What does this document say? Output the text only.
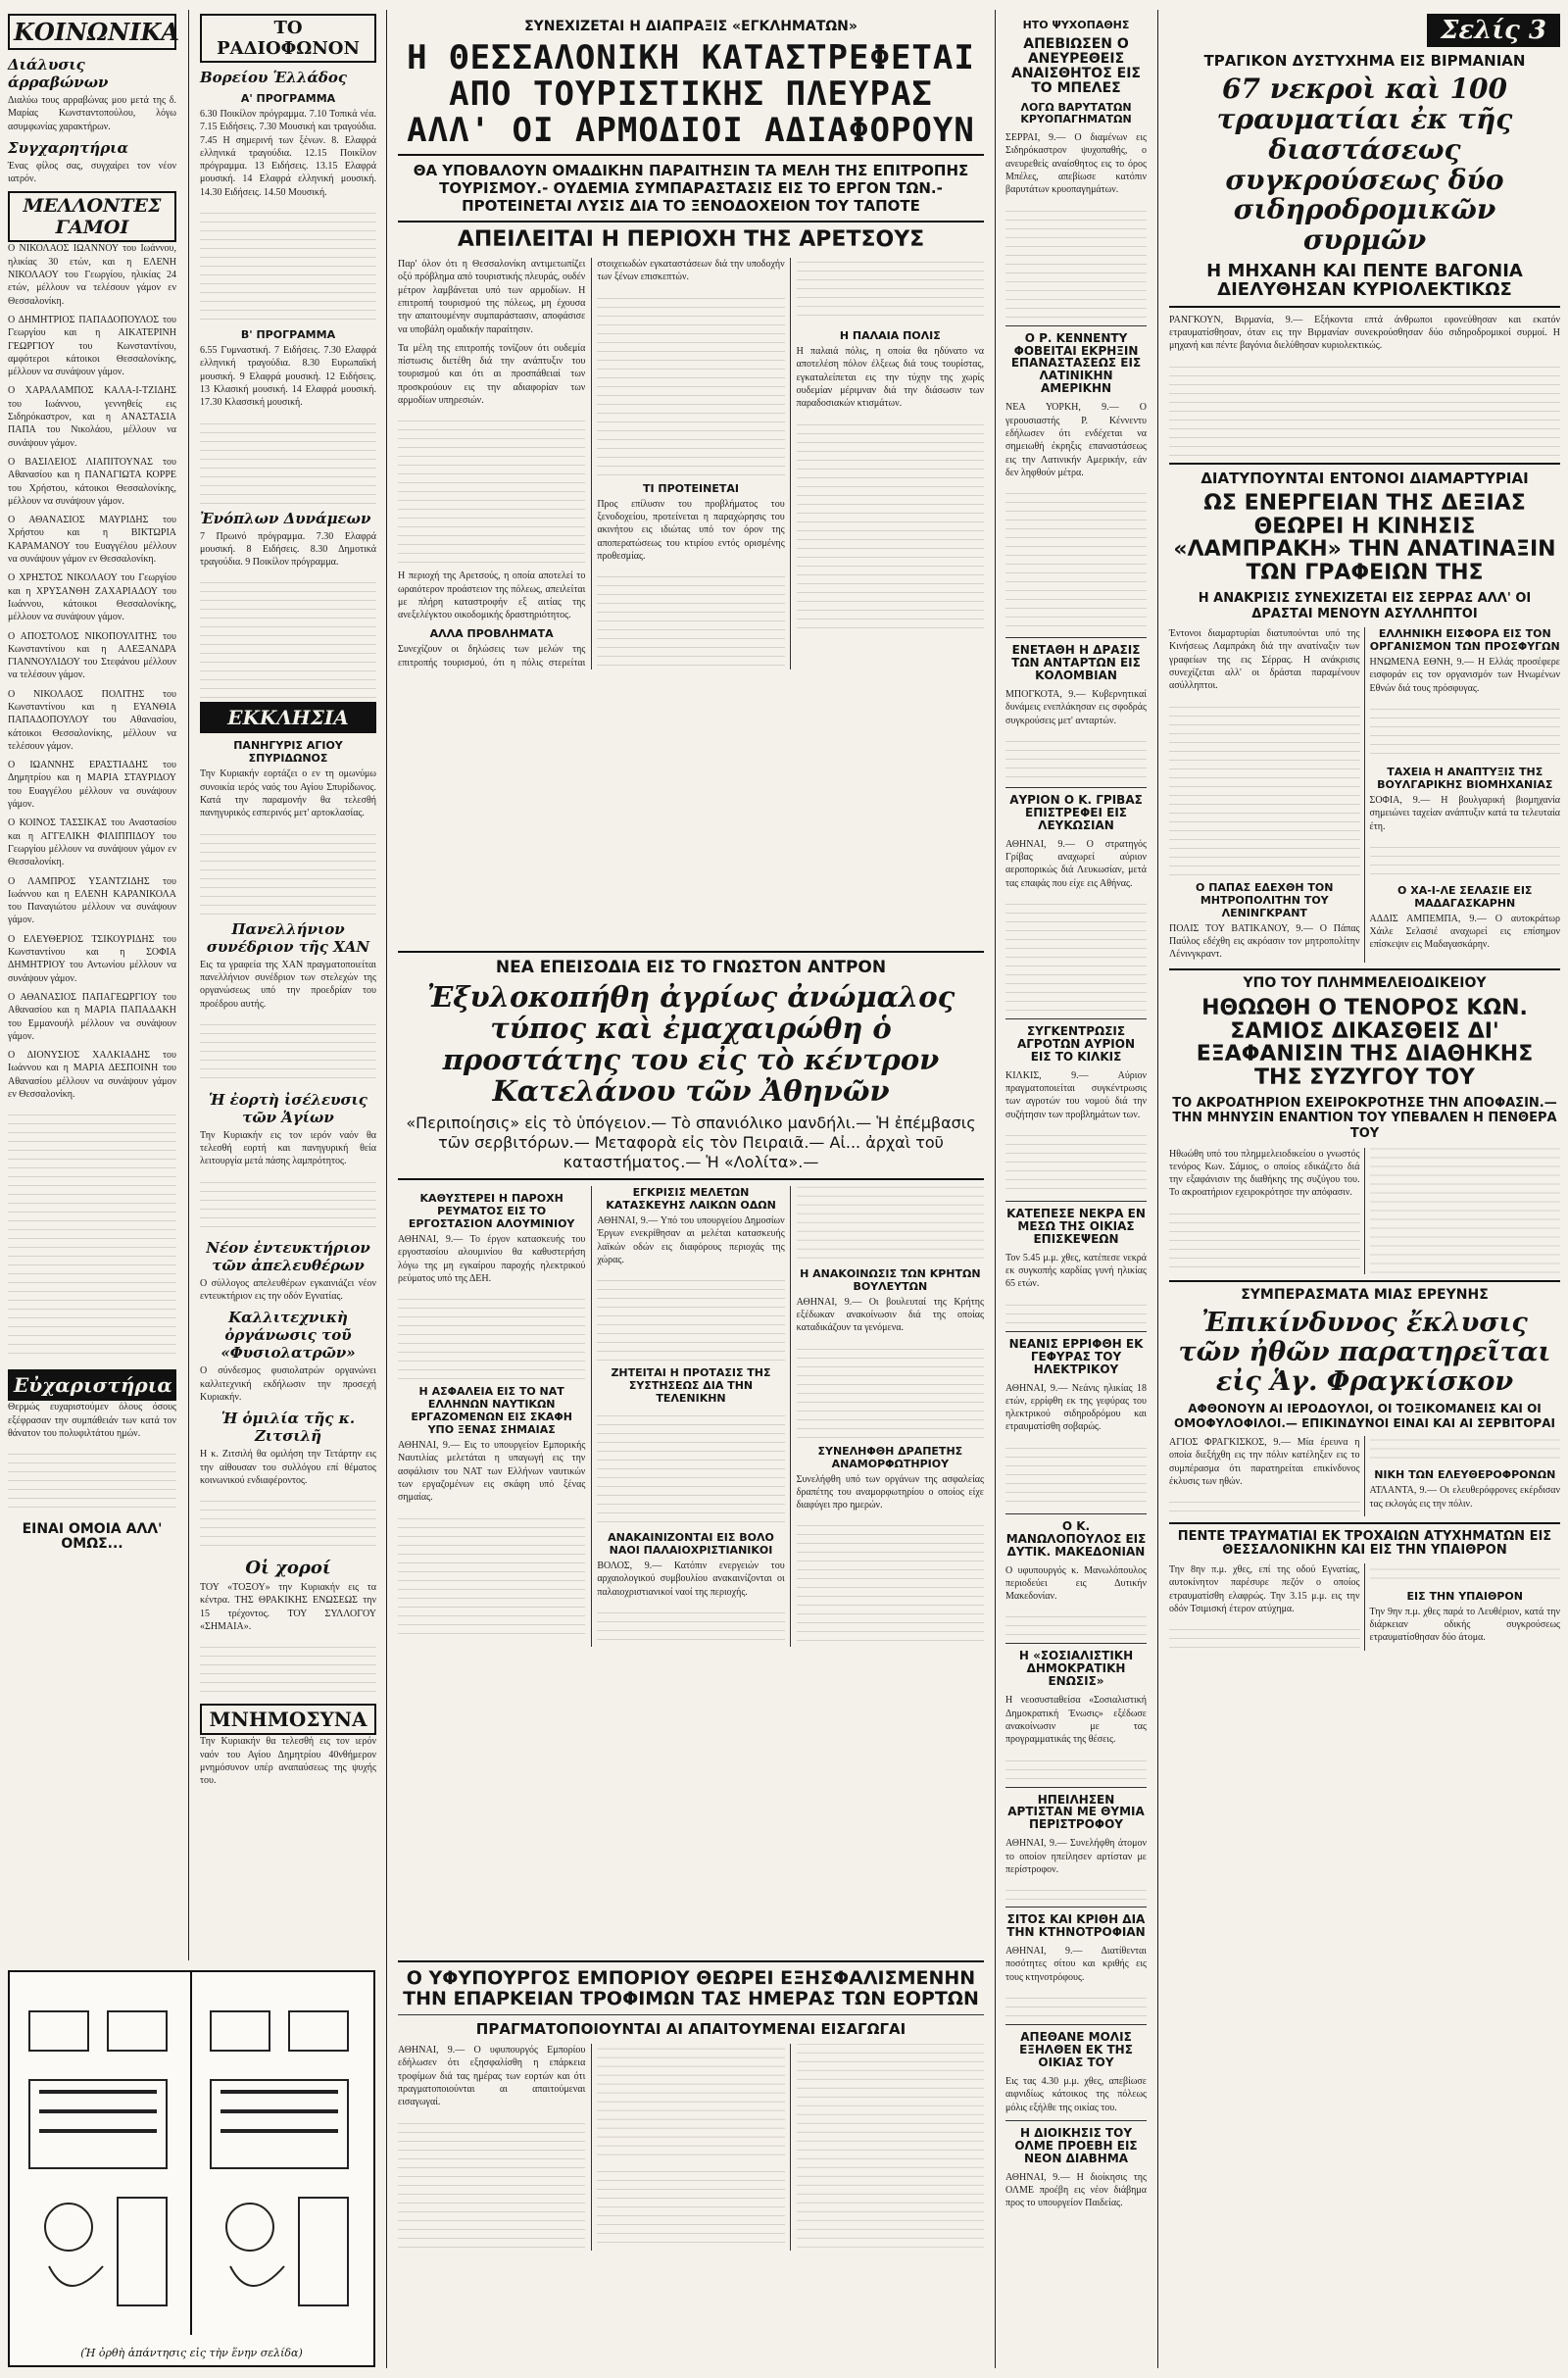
ΚΟΙΝΩΝΙΚΑ
Διάλυσις άρραβώνων

Διαλύω τους αρραβώνας μου μετά της δ. Μαρίας Κωνσταντοπούλου, λόγω ασυμφωνίας χαρακτήρων.

Συγχαρητήρια

Ένας φίλος σας, συγχαίρει τον νέον ιατρόν.

ΜΕΛΛΟΝΤΕΣ ΓΑΜΟΙ

Ο ΝΙΚΟΛΑΟΣ ΙΩΑΝΝΟΥ του Ιωάννου, ηλικίας 30 ετών, και η ΕΛΕΝΗ ΝΙΚΟΛΑΟΥ του Γεωργίου, ηλικίας 24 ετών, μέλλουν να τελέσουν γάμον εν Θεσσαλονίκη.

Ο ΔΗΜΗΤΡΙΟΣ ΠΑΠΑΔΟΠΟΥΛΟΣ του Γεωργίου και η ΑΙΚΑΤΕΡΙΝΗ ΓΕΩΡΓΙΟΥ του Κωνσταντίνου, αμφότεροι κάτοικοι Θεσσαλονίκης, μέλλουν να συνάψουν γάμον.

Ο ΧΑΡΑΛΑΜΠΟΣ ΚΑΛΑ-Ι-ΤΖΙΔΗΣ του Ιωάννου, γεννηθείς εις Σιδηρόκαστρον, και η ΑΝΑΣΤΑΣΙΑ ΠΑΠΑ του Νικολάου, μέλλουν να συνάψουν γάμον.

Ο ΒΑΣΙΛΕΙΟΣ ΛΙΑΠΙΤΟΥΝΑΣ του Αθανασίου και η ΠΑΝΑΓΙΩΤΑ ΚΟΡΡΕ του Χρήστου, κάτοικοι Θεσσαλονίκης, μέλλουν να συνάψουν γάμον.

Ο ΑΘΑΝΑΣΙΟΣ ΜΑΥΡΙΔΗΣ του Χρήστου και η ΒΙΚΤΩΡΙΑ ΚΑΡΑΜΑΝΟΥ του Ευαγγέλου μέλλουν να συνάψουν γάμον εν Θεσσαλονίκη.

Ο ΧΡΗΣΤΟΣ ΝΙΚΟΛΑΟΥ του Γεωργίου και η ΧΡΥΣΑΝΘΗ ΖΑΧΑΡΙΑΔΟΥ του Ιωάννου, κάτοικοι Θεσσαλονίκης, μέλλουν να συνάψουν γάμον.

Ο ΑΠΟΣΤΟΛΟΣ ΝΙΚΟΠΟΥΛΙΤΗΣ του Κωνσταντίνου και η ΑΛΕΞΑΝΔΡΑ ΓΙΑΝΝΟΥΛΙΔΟΥ του Στεφάνου μέλλουν να τελέσουν γάμον.

Ο ΝΙΚΟΛΑΟΣ ΠΟΛΙΤΗΣ του Κωνσταντίνου και η ΕΥΑΝΘΙΑ ΠΑΠΑΔΟΠΟΥΛΟΥ του Αθανασίου, κάτοικοι Θεσσαλονίκης, μέλλουν να τελέσουν γάμον.

Ο ΙΩΑΝΝΗΣ ΕΡΑΣΤΙΑΔΗΣ του Δημητρίου και η ΜΑΡΙΑ ΣΤΑΥΡΙΔΟΥ του Ευαγγέλου μέλλουν να συνάψουν γάμον.

Ο ΚΟΙΝΟΣ ΤΑΣΣΙΚΑΣ του Αναστασίου και η ΑΓΓΕΛΙΚΗ ΦΙΛΙΠΠΙΔΟΥ του Γεωργίου μέλλουν να συνάψουν γάμον εν Θεσσαλονίκη.

Ο ΛΑΜΠΡΟΣ ΥΣΑΝΤΖΙΔΗΣ του Ιωάννου και η ΕΛΕΝΗ ΚΑΡΑΝΙΚΟΛΑ του Παναγιώτου μέλλουν να συνάψουν γάμον.

Ο ΕΛΕΥΘΕΡΙΟΣ ΤΣΙΚΟΥΡΙΔΗΣ του Κωνσταντίνου και η ΣΟΦΙΑ ΔΗΜΗΤΡΙΟΥ του Αντωνίου μέλλουν να συνάψουν γάμον.

Ο ΑΘΑΝΑΣΙΟΣ ΠΑΠΑΓΕΩΡΓΙΟΥ του Αθανασίου και η ΜΑΡΙΑ ΠΑΠΑΔΑΚΗ του Εμμανουήλ μέλλουν να συνάψουν γάμον.

Ο ΔΙΟΝΥΣΙΟΣ ΧΑΛΚΙΑΔΗΣ του Ιωάννου και η ΜΑΡΙΑ ΔΕΣΠΟΙΝΗ του Αθανασίου μέλλουν να συνάψουν γάμον εν Θεσσαλονίκη.

Εὐχαριστήρια

Θερμώς ευχαριστούμεν όλους όσους εξέφρασαν την συμπάθειάν των κατά τον θάνατον του πολυφιλτάτου ημών.

ΕΙΝΑΙ ΟΜΟΙΑ ΑΛΛ' ΟΜΩΣ...
(Ἡ ὀρθὴ ἀπάντησις εἰς τὴν ἕνην σελίδα)
ΤΟ ΡΑΔΙΟΦΩΝΟΝ
Βορείου Ἑλλάδος
Α' ΠΡΟΓΡΑΜΜΑ

6.30 Ποικίλον πρόγραμμα. 7.10 Τοπικά νέα. 7.15 Ειδήσεις. 7.30 Μουσική και τραγούδια. 7.45 Η σημερινή των ξένων. 8. Ελαφρά ελληνικά τραγούδια. 12.15 Ποικίλον πρόγραμμα. 13 Ειδήσεις. 13.15 Ελαφρά μουσική. 14 Ελαφρά ελληνική μουσική. 14.30 Ειδήσεις. 14.50 Μουσική.

Β' ΠΡΟΓΡΑΜΜΑ

6.55 Γυμναστική. 7 Ειδήσεις. 7.30 Ελαφρά ελληνική τραγούδια. 8.30 Ευρωπαϊκή μουσική. 9 Ελαφρά μουσική. 12 Ειδήσεις. 13 Κλασική μουσική. 14 Ελαφρά μουσική. 17.30 Κλασσική μουσική.

Ἐνόπλων Δυνάμεων

7 Πρωινό πρόγραμμα. 7.30 Ελαφρά μουσική. 8 Ειδήσεις. 8.30 Δημοτικά τραγούδια. 9 Ποικίλον πρόγραμμα.

ΕΚΚΛΗΣΙΑ
ΠΑΝΗΓΥΡΙΣ ΑΓΙΟΥ ΣΠΥΡΙΔΩΝΟΣ

Την Κυριακήν εορτάζει ο εν τη ομωνύμω συνοικία ιερός ναός του Αγίου Σπυρίδωνος. Κατά την παραμονήν θα τελεσθή πανηγυρικός εσπερινός μετ' αρτοκλασίας.

Πανελλήνιον συνέδριον τῆς ΧΑΝ

Εις τα γραφεία της ΧΑΝ πραγματοποιείται πανελλήνιον συνέδριον των στελεχών της οργανώσεως υπό την προεδρίαν του προέδρου αυτής.

Ἡ ἐορτὴ ἰσέλευσις τῶν Ἁγίων

Την Κυριακήν εις τον ιερόν ναόν θα τελεσθή εορτή και πανηγυρική θεία λειτουργία μετά πάσης λαμπρότητος.

Νέον ἐντευκτήριον τῶν ἀπελευθέρων

Ο σύλλογος απελευθέρων εγκαινιάζει νέον εντευκτήριον εις την οδόν Εγνατίας.

Καλλιτεχνικὴ ὀργάνωσις τοῦ «Φυσιολατρῶν»

Ο σύνδεσμος φυσιολατρών οργανώνει καλλιτεχνική εκδήλωσιν την προσεχή Κυριακήν.

Ἡ ὁμιλία τῆς κ. Ζιτσιλῆ

Η κ. Ζιτσιλή θα ομιλήση την Τετάρτην εις την αίθουσαν του συλλόγου επί θέματος κοινωνικού ενδιαφέροντος.

Οἱ χοροί

ΤΟΥ «ΤΟΞΟΥ» την Κυριακήν εις τα κέντρα. ΤΗΣ ΘΡΑΚΙΚΗΣ ΕΝΩΣΕΩΣ την 15 τρέχοντος. ΤΟΥ ΣΥΛΛΟΓΟΥ «ΣΗΜΑΙΑ».

ΜΝΗΜΟΣΥΝΑ

Την Κυριακήν θα τελεσθή εις τον ιερόν ναόν του Αγίου Δημητρίου 40νθήμερον μνημόσυνον υπέρ αναπαύσεως της ψυχής του.

ΣΥΝΕΧΙΖΕΤΑΙ Η ΔΙΑΠΡΑΞΙΣ «ΕΓΚΛΗΜΑΤΩΝ»
Η ΘΕΣΣΑΛΟΝΙΚΗ ΚΑΤΑΣΤΡΕΦΕΤΑΙ ΑΠΟ ΤΟΥΡΙΣΤΙΚΗΣ ΠΛΕΥΡΑΣ ΑΛΛ' ΟΙ ΑΡΜΟΔΙΟΙ ΑΔΙΑΦΟΡΟΥΝ
ΘΑ ΥΠΟΒΑΛΟΥΝ ΟΜΑΔΙΚΗΝ ΠΑΡΑΙΤΗΣΙΝ ΤΑ ΜΕΛΗ ΤΗΣ ΕΠΙΤΡΟΠΗΣ ΤΟΥΡΙΣΜΟΥ.- ΟΥΔΕΜΙΑ ΣΥΜΠΑΡΑΣΤΑΣΙΣ ΕΙΣ ΤΟ ΕΡΓΟΝ ΤΩΝ.- ΠΡΟΤΕΙΝΕΤΑΙ ΛΥΣΙΣ ΔΙΑ ΤΟ ΞΕΝΟΔΟΧΕΙΟΝ ΤΟΥ ΤΑΠΟΤΕ
ΑΠΕΙΛΕΙΤΑΙ Η ΠΕΡΙΟΧΗ ΤΗΣ ΑΡΕΤΣΟΥΣ

Παρ' όλον ότι η Θεσσαλονίκη αντιμετωπίζει οξύ πρόβλημα από τουριστικής πλευράς, ουδέν μέτρον λαμβάνεται υπό των αρμοδίων. Η επιτροπή τουρισμού της πόλεως, μη έχουσα την απαιτουμένην συμπαράστασιν, αποφάσισε να υποβάλη ομαδικήν παραίτησιν.

Τα μέλη της επιτροπής τονίζουν ότι ουδεμία πίστωσις διετέθη διά την ανάπτυξιν του τουρισμού και ότι αι προσπάθειαί των προσκρούουν εις την αδιαφορίαν των αρμοδίων υπηρεσιών.

Η περιοχή της Αρετσούς, η οποία αποτελεί το ωραιότερον προάστειον της πόλεως, απειλείται με πλήρη καταστροφήν εξ αιτίας της ανεξελέγκτου οικοδομικής δραστηριότητος.

ΑΛΛΑ ΠΡΟΒΛΗΜΑΤΑ

Συνεχίζουν οι δηλώσεις των μελών της επιτροπής τουρισμού, ότι η πόλις στερείται στοιχειωδών εγκαταστάσεων διά την υποδοχήν των ξένων επισκεπτών.

ΤΙ ΠΡΟΤΕΙΝΕΤΑΙ

Προς επίλυσιν του προβλήματος του ξενοδοχείου, προτείνεται η παραχώρησις του ακινήτου εις ιδιώτας υπό τον όρον της αποπερατώσεως του κτιρίου εντός ορισμένης προθεσμίας.

Η ΠΑΛΑΙΑ ΠΟΛΙΣ

Η παλαιά πόλις, η οποία θα ηδύνατο να αποτελέση πόλον έλξεως διά τους τουρίστας, εγκαταλείπεται εις την τύχην της χωρίς ουδεμίαν μέριμναν διά την διάσωσιν των παραδοσιακών κτισμάτων.

ΝΕΑ ΕΠΕΙΣΟΔΙΑ ΕΙΣ ΤΟ ΓΝΩΣΤΟΝ ΑΝΤΡΟΝ
Ἐξυλοκοπήθη ἀγρίως ἀνώμαλος τύπος καὶ ἐμαχαιρώθη ὁ προστάτης του εἰς τὸ κέντρον Κατελάνου τῶν Ἀθηνῶν
«Περιποίησις» εἰς τὸ ὑπόγειον.— Τὸ σπανιόλικο μανδήλι.— Ἡ ἐπέμβασις τῶν σερβιτόρων.— Μεταφορὰ εἰς τὸν Πειραιᾶ.— Αἰ... ἀρχαὶ τοῦ καταστήματος.— Ἡ «Λολίτα».—
ΚΑΘΥΣΤΕΡΕΙ Η ΠΑΡΟΧΗ ΡΕΥΜΑΤΟΣ ΕΙΣ ΤΟ ΕΡΓΟΣΤΑΣΙΟΝ ΑΛΟΥΜΙΝΙΟΥ

ΑΘΗΝΑΙ, 9.— Το έργον κατασκευής του εργοστασίου αλουμινίου θα καθυστερήση λόγω της μη εγκαίρου παροχής ηλεκτρικού ρεύματος υπό της ΔΕΗ.

Η ΑΣΦΑΛΕΙΑ ΕΙΣ ΤΟ ΝΑΤ ΕΛΛΗΝΩΝ ΝΑΥΤΙΚΩΝ ΕΡΓΑΖΟΜΕΝΩΝ ΕΙΣ ΣΚΑΦΗ ΥΠΟ ΞΕΝΑΣ ΣΗΜΑΙΑΣ

ΑΘΗΝΑΙ, 9.— Εις το υπουργείον Εμπορικής Ναυτιλίας μελετάται η υπαγωγή εις την ασφάλισιν του ΝΑΤ των Ελλήνων ναυτικών των εργαζομένων εις σκάφη υπό ξένας σημαίας.

ΕΓΚΡΙΣΙΣ ΜΕΛΕΤΩΝ ΚΑΤΑΣΚΕΥΗΣ ΛΑΙΚΩΝ ΟΔΩΝ

ΑΘΗΝΑΙ, 9.— Υπό του υπουργείου Δημοσίων Έργων ενεκρίθησαν αι μελέται κατασκευής λαϊκών οδών εις διαφόρους περιοχάς της χώρας.

ΖΗΤΕΙΤΑΙ Η ΠΡΟΤΑΣΙΣ ΤΗΣ ΣΥΣΤΗΣΕΩΣ ΔΙΑ ΤΗΝ ΤΕΛΕΝΙΚΗΝ
ΑΝΑΚΑΙΝΙΖΟΝΤΑΙ ΕΙΣ ΒΟΛΟ ΝΑΟΙ ΠΑΛΑΙΟΧΡΙΣΤΙΑΝΙΚΟΙ

ΒΟΛΟΣ, 9.— Κατόπιν ενεργειών του αρχαιολογικού συμβουλίου ανακαινίζονται οι παλαιοχριστιανικοί ναοί της περιοχής.

Η ΑΝΑΚΟΙΝΩΣΙΣ ΤΩΝ ΚΡΗΤΩΝ ΒΟΥΛΕΥΤΩΝ

ΑΘΗΝΑΙ, 9.— Οι βουλευταί της Κρήτης εξέδωκαν ανακοίνωσιν διά της οποίας καταδικάζουν τα γενόμενα.

ΣΥΝΕΛΗΦΘΗ ΔΡΑΠΕΤΗΣ ΑΝΑΜΟΡΦΩΤΗΡΙΟΥ

Συνελήφθη υπό των οργάνων της ασφαλείας δραπέτης του αναμορφωτηρίου ο οποίος είχε διαφύγει προ ημερών.

Ο ΥΦΥΠΟΥΡΓΟΣ ΕΜΠΟΡΙΟΥ ΘΕΩΡΕΙ ΕΞΗΣΦΑΛΙΣΜΕΝΗΝ ΤΗΝ ΕΠΑΡΚΕΙΑΝ ΤΡΟΦΙΜΩΝ ΤΑΣ ΗΜΕΡΑΣ ΤΩΝ ΕΟΡΤΩΝ
ΠΡΑΓΜΑΤΟΠΟΙΟΥΝΤΑΙ ΑΙ ΑΠΑΙΤΟΥΜΕΝΑΙ ΕΙΣΑΓΩΓΑΙ

ΑΘΗΝΑΙ, 9.— Ο υφυπουργός Εμπορίου εδήλωσεν ότι εξησφαλίσθη η επάρκεια τροφίμων διά τας ημέρας των εορτών και ότι πραγματοποιούνται αι απαιτούμεναι εισαγωγαί.

ΗΤΟ ΨΥΧΟΠΑΘΗΣ
ΑΠΕΒΙΩΣΕΝ Ο ΑΝΕΥΡΕΘΕΙΣ ΑΝΑΙΣΘΗΤΟΣ ΕΙΣ ΤΟ ΜΠΕΛΕΣ
ΛΟΓΩ ΒΑΡΥΤΑΤΩΝ ΚΡΥΟΠΑΓΗΜΑΤΩΝ

ΣΕΡΡΑΙ, 9.— Ο διαμένων εις Σιδηρόκαστρον ψυχοπαθής, ο ανευρεθείς αναίσθητος εις το όρος Μπέλες, απεβίωσε κατόπιν βαρυτάτων κρυοπαγημάτων.

Ο Ρ. ΚΕΝΝΕΝΤΥ ΦΟΒΕΙΤΑΙ ΕΚΡΗΞΙΝ ΕΠΑΝΑΣΤΑΣΕΩΣ ΕΙΣ ΛΑΤΙΝΙΚΗΝ ΑΜΕΡΙΚΗΝ

ΝΕΑ ΥΟΡΚΗ, 9.— Ο γερουσιαστής Ρ. Κέννεντυ εδήλωσεν ότι ενδέχεται να σημειωθή έκρηξις επαναστάσεως εις την Λατινικήν Αμερικήν, εάν δεν ληφθούν μέτρα.

ΕΝΕΤΑΘΗ Η ΔΡΑΣΙΣ ΤΩΝ ΑΝΤΑΡΤΩΝ ΕΙΣ ΚΟΛΟΜΒΙΑΝ

ΜΠΟΓΚΟΤΑ, 9.— Κυβερνητικαί δυνάμεις ενεπλάκησαν εις σφοδράς συγκρούσεις μετ' ανταρτών.

ΑΥΡΙΟΝ Ο Κ. ΓΡΙΒΑΣ ΕΠΙΣΤΡΕΦΕΙ ΕΙΣ ΛΕΥΚΩΣΙΑΝ

ΑΘΗΝΑΙ, 9.— Ο στρατηγός Γρίβας αναχωρεί αύριον αεροπορικώς διά Λευκωσίαν, μετά τας επαφάς που είχε εις Αθήνας.

ΣΥΓΚΕΝΤΡΩΣΙΣ ΑΓΡΟΤΩΝ ΑΥΡΙΟΝ ΕΙΣ ΤΟ ΚΙΛΚΙΣ

ΚΙΛΚΙΣ, 9.— Αύριον πραγματοποιείται συγκέντρωσις των αγροτών του νομού διά την συζήτησιν των προβλημάτων των.

ΚΑΤΕΠΕΣΕ ΝΕΚΡΑ ΕΝ ΜΕΣΩ ΤΗΣ ΟΙΚΙΑΣ ΕΠΙΣΚΕΨΕΩΝ

Τον 5.45 μ.μ. χθες, κατέπεσε νεκρά εκ συγκοπής καρδίας γυνή ηλικίας 65 ετών.

ΝΕΑΝΙΣ ΕΡΡΙΦΘΗ ΕΚ ΓΕΦΥΡΑΣ ΤΟΥ ΗΛΕΚΤΡΙΚΟΥ

ΑΘΗΝΑΙ, 9.— Νεάνις ηλικίας 18 ετών, ερρίφθη εκ της γεφύρας του ηλεκτρικού σιδηροδρόμου και ετραυματίσθη σοβαρώς.

Ο Κ. ΜΑΝΩΛΟΠΟΥΛΟΣ ΕΙΣ ΔΥΤΙΚ. ΜΑΚΕΔΟΝΙΑΝ

Ο υφυπουργός κ. Μανωλόπουλος περιοδεύει εις Δυτικήν Μακεδονίαν.

Η «ΣΟΣΙΑΛΙΣΤΙΚΗ ΔΗΜΟΚΡΑΤΙΚΗ ΕΝΩΣΙΣ»

Η νεοσυσταθείσα «Σοσιαλιστική Δημοκρατική Ένωσις» εξέδωσε ανακοίνωσιν με τας προγραμματικάς της θέσεις.

ΗΠΕΙΛΗΣΕΝ ΑΡΤΙΣΤΑΝ ΜΕ ΘΥΜΙΑ ΠΕΡΙΣΤΡΟΦΟΥ

ΑΘΗΝΑΙ, 9.— Συνελήφθη άτομον το οποίον ηπείλησεν αρτίσταν με περίστροφον.

ΣΙΤΟΣ ΚΑΙ ΚΡΙΘΗ ΔΙΑ ΤΗΝ ΚΤΗΝΟΤΡΟΦΙΑΝ

ΑΘΗΝΑΙ, 9.— Διατίθενται ποσότητες σίτου και κριθής εις τους κτηνοτρόφους.

ΑΠΕΘΑΝΕ ΜΟΛΙΣ ΕΞΗΛΘΕΝ ΕΚ ΤΗΣ ΟΙΚΙΑΣ ΤΟΥ

Εις τας 4.30 μ.μ. χθες, απεβίωσε αιφνιδίως κάτοικος της πόλεως μόλις εξήλθε της οικίας του.

Η ΔΙΟΙΚΗΣΙΣ ΤΟΥ ΟΛΜΕ ΠΡΟΕΒΗ ΕΙΣ ΝΕΟΝ ΔΙΑΒΗΜΑ

ΑΘΗΝΑΙ, 9.— Η διοίκησις της ΟΛΜΕ προέβη εις νέον διάβημα προς το υπουργείον Παιδείας.

Σελίς 3
ΤΡΑΓΙΚΟΝ ΔΥΣΤΥΧΗΜΑ ΕΙΣ ΒΙΡΜΑΝΙΑΝ
67 νεκροὶ καὶ 100 τραυματίαι ἐκ τῆς διαστάσεως συγκρούσεως δύο σιδηροδρομικῶν συρμῶν
Η ΜΗΧΑΝΗ ΚΑΙ ΠΕΝΤΕ ΒΑΓΟΝΙΑ ΔΙΕΛΥΘΗΣΑΝ ΚΥΡΙΟΛΕΚΤΙΚΩΣ

ΡΑΝΓΚΟΥΝ, Βιρμανία, 9.— Εξήκοντα επτά άνθρωποι εφονεύθησαν και εκατόν ετραυματίσθησαν, όταν εις την Βιρμανίαν συνεκρούσθησαν δύο σιδηροδρομικοί συρμοί. Η μηχανή και πέντε βαγόνια διελύθησαν κυριολεκτικώς.

ΔΙΑΤΥΠΟΥΝΤΑΙ ΕΝΤΟΝΟΙ ΔΙΑΜΑΡΤΥΡΙΑΙ
ΩΣ ΕΝΕΡΓΕΙΑΝ ΤΗΣ ΔΕΞΙΑΣ ΘΕΩΡΕΙ Η ΚΙΝΗΣΙΣ «ΛΑΜΠΡΑΚΗ» ΤΗΝ ΑΝΑΤΙΝΑΞΙΝ ΤΩΝ ΓΡΑΦΕΙΩΝ ΤΗΣ
Η ΑΝΑΚΡΙΣΙΣ ΣΥΝΕΧΙΖΕΤΑΙ ΕΙΣ ΣΕΡΡΑΣ ΑΛΛ' ΟΙ ΔΡΑΣΤΑΙ ΜΕΝΟΥΝ ΑΣΥΛΛΗΠΤΟΙ

Έντονοι διαμαρτυρίαι διατυπούνται υπό της Κινήσεως Λαμπράκη διά την ανατίναξιν των γραφείων της εις Σέρρας. Η ανάκρισις συνεχίζεται αλλ' οι δράσται παραμένουν ασύλληπτοι.

Ο ΠΑΠΑΣ ΕΔΕΧΘΗ ΤΟΝ ΜΗΤΡΟΠΟΛΙΤΗΝ ΤΟΥ ΛΕΝΙΝΓΚΡΑΝΤ

ΠΟΛΙΣ ΤΟΥ ΒΑΤΙΚΑΝΟΥ, 9.— Ο Πάπας Παύλος εδέχθη εις ακρόασιν τον μητροπολίτην Λένινγκραντ.

ΕΛΛΗΝΙΚΗ ΕΙΣΦΟΡΑ ΕΙΣ ΤΟΝ ΟΡΓΑΝΙΣΜΟΝ ΤΩΝ ΠΡΟΣΦΥΓΩΝ

ΗΝΩΜΕΝΑ ΕΘΝΗ, 9.— Η Ελλάς προσέφερε εισφοράν εις τον οργανισμόν των Ηνωμένων Εθνών διά τους πρόσφυγας.

ΤΑΧΕΙΑ Η ΑΝΑΠΤΥΞΙΣ ΤΗΣ ΒΟΥΛΓΑΡΙΚΗΣ ΒΙΟΜΗΧΑΝΙΑΣ

ΣΟΦΙΑ, 9.— Η βουλγαρική βιομηχανία σημειώνει ταχείαν ανάπτυξιν κατά τα τελευταία έτη.

Ο ΧΑ-Ι-ΛΕ ΣΕΛΑΣΙΕ ΕΙΣ ΜΑΔΑΓΑΣΚΑΡΗΝ

ΑΔΔΙΣ ΑΜΠΕΜΠΑ, 9.— Ο αυτοκράτωρ Χάιλε Σελασιέ αναχωρεί εις επίσημον επίσκεψιν εις Μαδαγασκάρην.

ΥΠΟ ΤΟΥ ΠΛΗΜΜΕΛΕΙΟΔΙΚΕΙΟΥ
ΗΘΩΩΘΗ Ο ΤΕΝΟΡΟΣ ΚΩΝ. ΣΑΜΙΟΣ ΔΙΚΑΣΘΕΙΣ ΔΙ' ΕΞΑΦΑΝΙΣΙΝ ΤΗΣ ΔΙΑΘΗΚΗΣ ΤΗΣ ΣΥΖΥΓΟΥ ΤΟΥ
ΤΟ ΑΚΡΟΑΤΗΡΙΟΝ ΕΧΕΙΡΟΚΡΟΤΗΣΕ ΤΗΝ ΑΠΟΦΑΣΙΝ.— ΤΗΝ ΜΗΝΥΣΙΝ ΕΝΑΝΤΙΟΝ ΤΟΥ ΥΠΕΒΑΛΕΝ Η ΠΕΝΘΕΡΑ ΤΟΥ

Ηθωώθη υπό του πλημμελειοδικείου ο γνωστός τενόρος Κων. Σάμιος, ο οποίος εδικάζετο διά την εξαφάνισιν της διαθήκης της συζύγου του. Το ακροατήριον εχειροκρότησε την απόφασιν.

ΣΥΜΠΕΡΑΣΜΑΤΑ ΜΙΑΣ ΕΡΕΥΝΗΣ
Ἐπικίνδυνος ἔκλυσις τῶν ἠθῶν παρατηρεῖται εἰς Ἁγ. Φραγκίσκον
ΑΦΘΟΝΟΥΝ ΑΙ ΙΕΡΟΔΟΥΛΟΙ, ΟΙ ΤΟΞΙΚΟΜΑΝΕΙΣ ΚΑΙ ΟΙ ΟΜΟΦΥΛΟΦΙΛΟΙ.— ΕΠΙΚΙΝΔΥΝΟΙ ΕΙΝΑΙ ΚΑΙ ΑΙ ΣΕΡΒΙΤΟΡΑΙ

ΑΓΙΟΣ ΦΡΑΓΚΙΣΚΟΣ, 9.— Μία έρευνα η οποία διεξήχθη εις την πόλιν κατέληξεν εις το συμπέρασμα ότι παρατηρείται επικίνδυνος έκλυσις των ηθών.

ΝΙΚΗ ΤΩΝ ΕΛΕΥΘΕΡΟΦΡΟΝΩΝ

ΑΤΛΑΝΤΑ, 9.— Οι ελευθερόφρονες εκέρδισαν τας εκλογάς εις την πόλιν.

ΠΕΝΤΕ ΤΡΑΥΜΑΤΙΑΙ ΕΚ ΤΡΟΧΑΙΩΝ ΑΤΥΧΗΜΑΤΩΝ ΕΙΣ ΘΕΣΣΑΛΟΝΙΚΗΝ ΚΑΙ ΕΙΣ ΤΗΝ ΥΠΑΙΘΡΟΝ

Την 8ην π.μ. χθες, επί της οδού Εγνατίας, αυτοκίνητον παρέσυρε πεζόν ο οποίος ετραυματίσθη ελαφρώς. Την 3.15 μ.μ. εις την οδόν Τσιμισκή έτερον ατύχημα.

ΕΙΣ ΤΗΝ ΥΠΑΙΘΡΟΝ

Την 9ην π.μ. χθες παρά το Λευθέριον, κατά την διάρκειαν οδικής συγκρούσεως ετραυματίσθησαν δύο άτομα.
